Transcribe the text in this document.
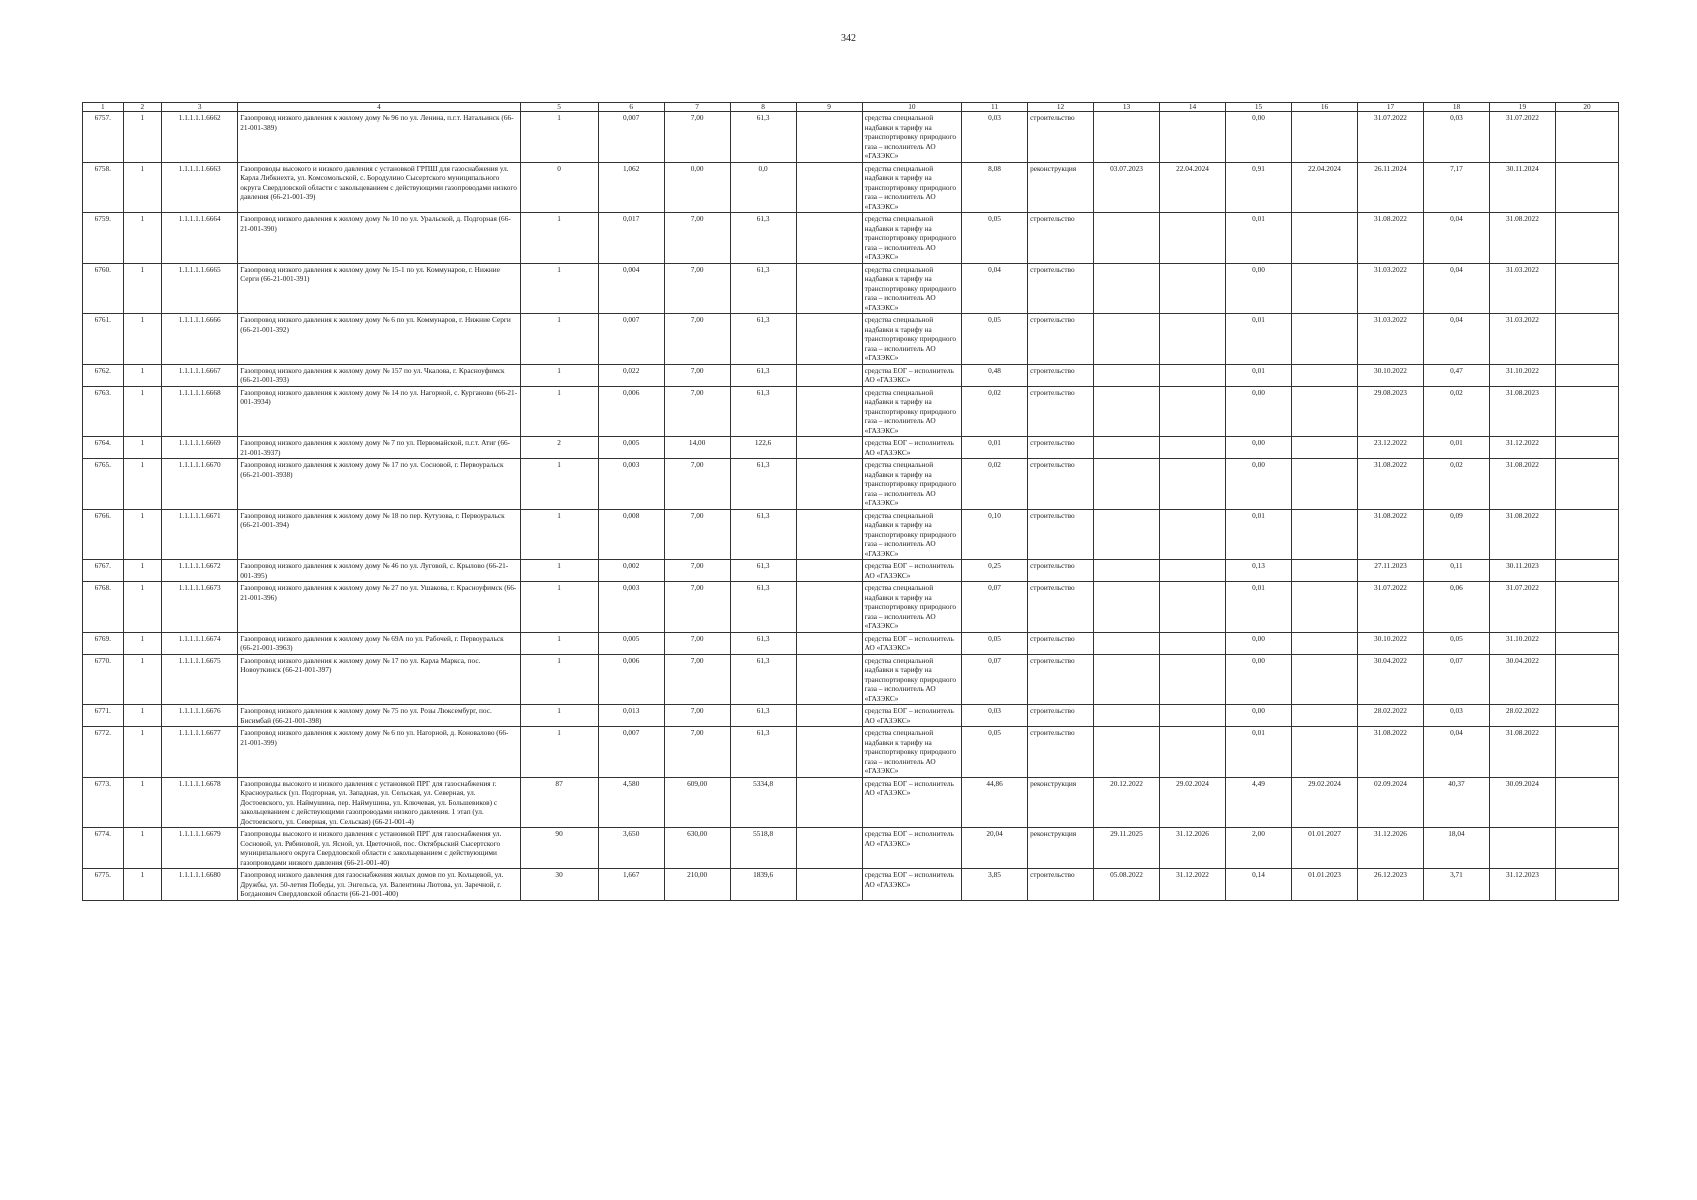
342
1	2	3	4	5	6	7	8	9	10	11	12	13	14	15	16	17	18	19	20
6757.	1	1.1.1.1.1.6662	Газопровод низкого давления к жилому дому № 96 по ул. Ленина, п.г.т. Натальинск (66-21-001-389)	1	0,007	7,00	61,3		средства специальной надбавки к тарифу на транспортировку природного газа – исполнитель АО «ГАЗЭКС»	0,03	строительство			0,00		31.07.2022	0,03	31.07.2022	
6758.	1	1.1.1.1.1.6663	Газопроводы высокого и низкого давления с установкой ГРПШ для газоснабжения ул. Карла Либкнехта, ул. Комсомольской, с. Бородулино Сысертского муниципального округа Свердловской области с закольцеванием с действующими газопроводами низкого давления (66-21-001-39)	0	1,062	0,00	0,0		средства специальной надбавки к тарифу на транспортировку природного газа – исполнитель АО «ГАЗЭКС»	8,08	реконструкция	03.07.2023	22.04.2024	0,91	22.04.2024	26.11.2024	7,17	30.11.2024	
6759.	1	1.1.1.1.1.6664	Газопровод низкого давления к жилому дому № 10 по ул. Уральской, д. Подгорная (66-21-001-390)	1	0,017	7,00	61,3		средства специальной надбавки к тарифу на транспортировку природного газа – исполнитель АО «ГАЗЭКС»	0,05	строительство			0,01		31.08.2022	0,04	31.08.2022	
6760.	1	1.1.1.1.1.6665	Газопровод низкого давления к жилому дому № 15-1 по ул. Коммунаров, г. Нижние Серги (66-21-001-391)	1	0,004	7,00	61,3		средства специальной надбавки к тарифу на транспортировку природного газа – исполнитель АО «ГАЗЭКС»	0,04	строительство			0,00		31.03.2022	0,04	31.03.2022	
6761.	1	1.1.1.1.1.6666	Газопровод низкого давления к жилому дому № 6 по ул. Коммунаров, г. Нижние Серги (66-21-001-392)	1	0,007	7,00	61,3		средства специальной надбавки к тарифу на транспортировку природного газа – исполнитель АО «ГАЗЭКС»	0,05	строительство			0,01		31.03.2022	0,04	31.03.2022	
6762.	1	1.1.1.1.1.6667	Газопровод низкого давления к жилому дому № 157 по ул. Чкалова, г. Красноуфимск (66-21-001-393)	1	0,022	7,00	61,3		средства ЕОГ – исполнитель АО «ГАЗЭКС»	0,48	строительство			0,01		30.10.2022	0,47	31.10.2022	
6763.	1	1.1.1.1.1.6668	Газопровод низкого давления к жилому дому № 14 по ул. Нагорной, с. Курганово (66-21-001-3934)	1	0,006	7,00	61,3		средства специальной надбавки к тарифу на транспортировку природного газа – исполнитель АО «ГАЗЭКС»	0,02	строительство			0,00		29.08.2023	0,02	31.08.2023	
6764.	1	1.1.1.1.1.6669	Газопровод низкого давления к жилому дому № 7 по ул. Первомайской, п.г.т. Атиг (66-21-001-3937)	2	0,005	14,00	122,6		средства ЕОГ – исполнитель АО «ГАЗЭКС»	0,01	строительство			0,00		23.12.2022	0,01	31.12.2022	
6765.	1	1.1.1.1.1.6670	Газопровод низкого давления к жилому дому № 17 по ул. Сосновой, г. Первоуральск (66-21-001-3938)	1	0,003	7,00	61,3		средства специальной надбавки к тарифу на транспортировку природного газа – исполнитель АО «ГАЗЭКС»	0,02	строительство			0,00		31.08.2022	0,02	31.08.2022	
6766.	1	1.1.1.1.1.6671	Газопровод низкого давления к жилому дому № 18 по пер. Кутузова, г. Первоуральск (66-21-001-394)	1	0,008	7,00	61,3		средства специальной надбавки к тарифу на транспортировку природного газа – исполнитель АО «ГАЗЭКС»	0,10	строительство			0,01		31.08.2022	0,09	31.08.2022	
6767.	1	1.1.1.1.1.6672	Газопровод низкого давления к жилому дому № 46 по ул. Луговой, с. Крылово (66-21-001-395)	1	0,002	7,00	61,3		средства ЕОГ – исполнитель АО «ГАЗЭКС»	0,25	строительство			0,13		27.11.2023	0,11	30.11.2023	
6768.	1	1.1.1.1.1.6673	Газопровод низкого давления к жилому дому № 27 по ул. Ушакова, г. Красноуфимск (66-21-001-396)	1	0,003	7,00	61,3		средства специальной надбавки к тарифу на транспортировку природного газа – исполнитель АО «ГАЗЭКС»	0,07	строительство			0,01		31.07.2022	0,06	31.07.2022	
6769.	1	1.1.1.1.1.6674	Газопровод низкого давления к жилому дому № 69А по ул. Рабочей, г. Первоуральск (66-21-001-3963)	1	0,005	7,00	61,3		средства ЕОГ – исполнитель АО «ГАЗЭКС»	0,05	строительство			0,00		30.10.2022	0,05	31.10.2022	
6770.	1	1.1.1.1.1.6675	Газопровод низкого давления к жилому дому № 17 по ул. Карла Маркса, пос. Новоуткинск (66-21-001-397)	1	0,006	7,00	61,3		средства специальной надбавки к тарифу на транспортировку природного газа – исполнитель АО «ГАЗЭКС»	0,07	строительство			0,00		30.04.2022	0,07	30.04.2022	
6771.	1	1.1.1.1.1.6676	Газопровод низкого давления к жилому дому № 75 по ул. Розы Люксембург, пос. Бисимбай (66-21-001-398)	1	0,013	7,00	61,3		средства ЕОГ – исполнитель АО «ГАЗЭКС»	0,03	строительство			0,00		28.02.2022	0,03	28.02.2022	
6772.	1	1.1.1.1.1.6677	Газопровод низкого давления к жилому дому № 6 по ул. Нагорной, д. Коновалово (66-21-001-399)	1	0,007	7,00	61,3		средства специальной надбавки к тарифу на транспортировку природного газа – исполнитель АО «ГАЗЭКС»	0,05	строительство			0,01		31.08.2022	0,04	31.08.2022	
6773.	1	1.1.1.1.1.6678	Газопроводы высокого и низкого давления с установкой ПРГ для газоснабжения г. Красноуральск (ул. Подгорная, ул. Западная, ул. Сельская, ул. Северная, ул. Достоевского, ул. Наймушина, пер. Наймушина, ул. Ключевая, ул. Большевиков) с закольцеванием с действующими газопроводами низкого давления. 1 этап (ул. Достоевского, ул. Северная, ул. Сельская) (66-21-001-4)	87	4,580	609,00	5334,8		средства ЕОГ – исполнитель АО «ГАЗЭКС»	44,86	реконструкция	20.12.2022	29.02.2024	4,49	29.02.2024	02.09.2024	40,37	30.09.2024	
6774.	1	1.1.1.1.1.6679	Газопроводы высокого и низкого давления с установкой ПРГ для газоснабжения ул. Сосновой, ул. Рябиновой, ул. Ясной, ул. Цветочной, пос. Октябрьский Сысертского муниципального округа Свердловской области с закольцеванием с действующими газопроводами низкого давления (66-21-001-40)	90	3,650	630,00	5518,8		средства ЕОГ – исполнитель АО «ГАЗЭКС»	20,04	реконструкция	29.11.2025	31.12.2026	2,00	01.01.2027	31.12.2026	18,04		
6775.	1	1.1.1.1.1.6680	Газопровод низкого давления для газоснабжения жилых домов по ул. Кольцевой, ул. Дружбы, ул. 50-летия Победы, ул. Энгельса, ул. Валентины Лютова, ул. Заречной, г. Богданович Свердловской области (66-21-001-400)	30	1,667	210,00	1839,6		средства ЕОГ – исполнитель АО «ГАЗЭКС»	3,85	строительство	05.08.2022	31.12.2022	0,14	01.01.2023	26.12.2023	3,71	31.12.2023	
